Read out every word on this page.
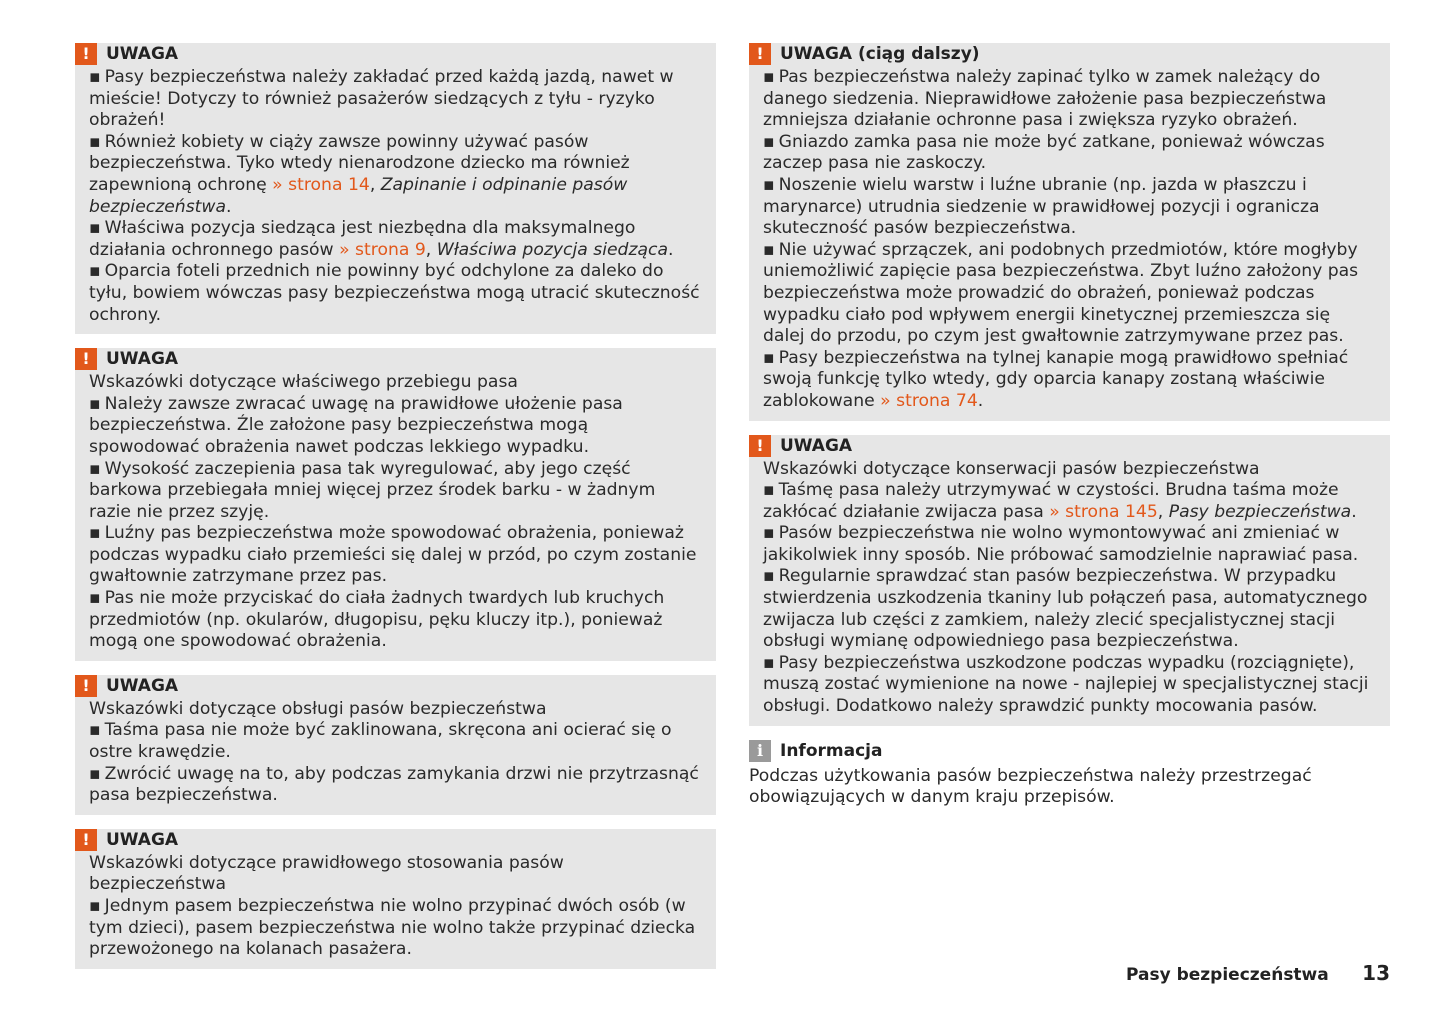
! UWAGA

▪ Pasy bezpieczeństwa należy zakładać przed każdą jazdą, nawet w mieście! Dotyczy to również pasażerów siedzących z tyłu - ryzyko obrażeń!

▪ Również kobiety w ciąży zawsze powinny używać pasów bezpieczeństwa. Tyko wtedy nienarodzone dziecko ma również zapewnioną ochronę » strona 14, Zapinanie i odpinanie pasów bezpieczeństwa.

▪ Właściwa pozycja siedząca jest niezbędna dla maksymalnego działania ochronnego pasów » strona 9, Właściwa pozycja siedząca.

▪ Oparcia foteli przednich nie powinny być odchylone za daleko do tyłu, bowiem wówczas pasy bezpieczeństwa mogą utracić skuteczność ochrony.

! UWAGA

Wskazówki dotyczące właściwego przebiegu pasa

▪ Należy zawsze zwracać uwagę na prawidłowe ułożenie pasa bezpieczeństwa. Źle założone pasy bezpieczeństwa mogą spowodować obrażenia nawet podczas lekkiego wypadku.

▪ Wysokość zaczepienia pasa tak wyregulować, aby jego część barkowa przebiegała mniej więcej przez środek barku - w żadnym razie nie przez szyję.

▪ Luźny pas bezpieczeństwa może spowodować obrażenia, ponieważ podczas wypadku ciało przemieści się dalej w przód, po czym zostanie gwałtownie zatrzymane przez pas.

▪ Pas nie może przyciskać do ciała żadnych twardych lub kruchych przedmiotów (np. okularów, długopisu, pęku kluczy itp.), ponieważ mogą one spowodować obrażenia.

! UWAGA

Wskazówki dotyczące obsługi pasów bezpieczeństwa

▪ Taśma pasa nie może być zaklinowana, skręcona ani ocierać się o ostre krawędzie.

▪ Zwrócić uwagę na to, aby podczas zamykania drzwi nie przytrzasnąć pasa bezpieczeństwa.

! UWAGA

Wskazówki dotyczące prawidłowego stosowania pasów bezpieczeństwa

▪ Jednym pasem bezpieczeństwa nie wolno przypinać dwóch osób (w tym dzieci), pasem bezpieczeństwa nie wolno także przypinać dziecka przewożonego na kolanach pasażera.

! UWAGA (ciąg dalszy)

▪ Pas bezpieczeństwa należy zapinać tylko w zamek należący do danego siedzenia. Nieprawidłowe założenie pasa bezpieczeństwa zmniejsza działanie ochronne pasa i zwiększa ryzyko obrażeń.

▪ Gniazdo zamka pasa nie może być zatkane, ponieważ wówczas zaczep pasa nie zaskoczy.

▪ Noszenie wielu warstw i luźne ubranie (np. jazda w płaszczu i marynarce) utrudnia siedzenie w prawidłowej pozycji i ogranicza skuteczność pasów bezpieczeństwa.

▪ Nie używać sprzączek, ani podobnych przedmiotów, które mogłyby uniemożliwić zapięcie pasa bezpieczeństwa. Zbyt luźno założony pas bezpieczeństwa może prowadzić do obrażeń, ponieważ podczas wypadku ciało pod wpływem energii kinetycznej przemieszcza się dalej do przodu, po czym jest gwałtownie zatrzymywane przez pas.

▪ Pasy bezpieczeństwa na tylnej kanapie mogą prawidłowo spełniać swoją funkcję tylko wtedy, gdy oparcia kanapy zostaną właściwie zablokowane » strona 74.

! UWAGA

Wskazówki dotyczące konserwacji pasów bezpieczeństwa

▪ Taśmę pasa należy utrzymywać w czystości. Brudna taśma może zakłócać działanie zwijacza pasa » strona 145, Pasy bezpieczeństwa.

▪ Pasów bezpieczeństwa nie wolno wymontowywać ani zmieniać w jakikolwiek inny sposób. Nie próbować samodzielnie naprawiać pasa.

▪ Regularnie sprawdzać stan pasów bezpieczeństwa. W przypadku stwierdzenia uszkodzenia tkaniny lub połączeń pasa, automatycznego zwijacza lub części z zamkiem, należy zlecić specjalistycznej stacji obsługi wymianę odpowiedniego pasa bezpieczeństwa.

▪ Pasy bezpieczeństwa uszkodzone podczas wypadku (rozciągnięte), muszą zostać wymienione na nowe - najlepiej w specjalistycznej stacji obsługi. Dodatkowo należy sprawdzić punkty mocowania pasów.

i Informacja

Podczas użytkowania pasów bezpieczeństwa należy przestrzegać obowiązujących w danym kraju przepisów.

Pasy bezpieczeństwa 13
